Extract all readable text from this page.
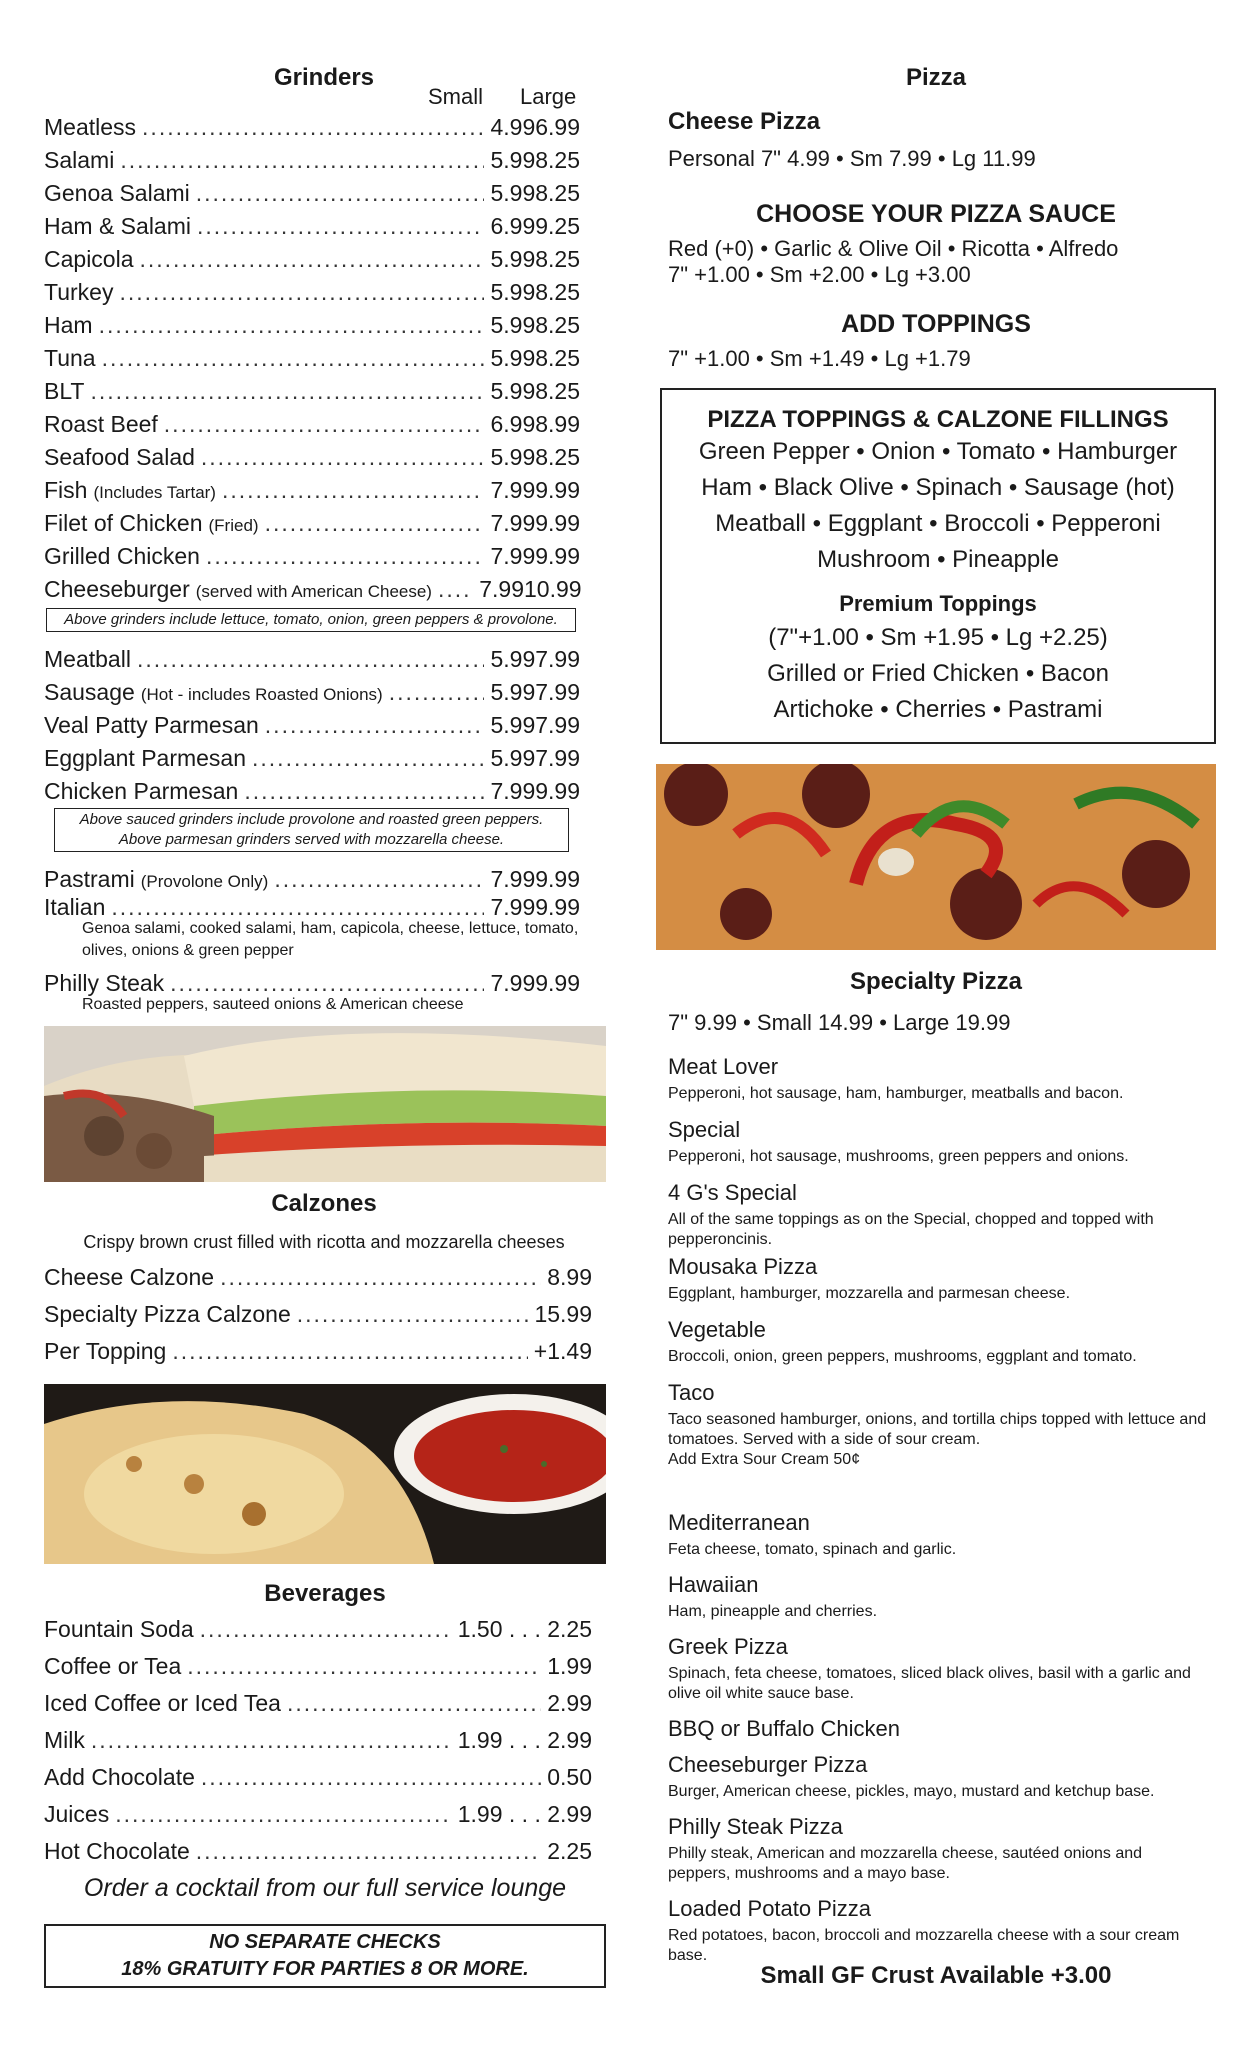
Grinders
Small Large
Meatless .....	4.99 6.99
Salami .....	5.99 8.25
Genoa Salami .....	5.99 8.25
Ham & Salami .....	6.99 9.25
Capicola .....	5.99 8.25
Turkey .....	5.99 8.25
Ham .....	5.99 8.25
Tuna .....	5.99 8.25
BLT .....	5.99 8.25
Roast Beef .....	6.99 8.99
Seafood Salad .....	5.99 8.25
Fish (Includes Tartar) .....	7.99 9.99
Filet of Chicken (Fried) .....	7.99 9.99
Grilled Chicken .....	7.99 9.99
Cheeseburger (served with American Cheese) ..... 7.99 10.99
Above grinders include lettuce, tomato, onion, green peppers & provolone.
Meatball .....	5.99 7.99
Sausage (Hot - includes Roasted Onions) .....	5.99 7.99
Veal Patty Parmesan .....	5.99 7.99
Eggplant Parmesan .....	5.99 7.99
Chicken Parmesan .....	7.99 9.99
Above sauced grinders include provolone and roasted green peppers.
Above parmesan grinders served with mozzarella cheese.
Pastrami (Provolone Only) .....	7.99 9.99
Italian .....	7.99 9.99
Philly Steak .....	7.99 9.99
Genoa salami, cooked salami, ham, capicola, cheese, lettuce, tomato, olives, onions & green pepper
Roasted peppers, sauteed onions & American cheese
Calzones
Crispy brown crust filled with ricotta and mozzarella cheeses
Cheese Calzone .....	8.99
Specialty Pizza Calzone .....	15.99
Per Topping .....	+1.49
Beverages
Fountain Soda .....	1.50 . . . 2.25
Coffee or Tea .....	1.99
Iced Coffee or Iced Tea .....	2.99
Milk .....	1.99 . . . 2.99
Add Chocolate .....	0.50
Juices .....	1.99 . . . 2.99
Hot Chocolate .....	2.25
Order a cocktail from our full service lounge
NO SEPARATE CHECKS
18% GRATUITY FOR PARTIES 8 OR MORE.
Pizza
Cheese Pizza
Personal 7" 4.99 • Sm 7.99 • Lg 11.99
CHOOSE YOUR PIZZA SAUCE
Red (+0) • Garlic & Olive Oil • Ricotta • Alfredo
7" +1.00 • Sm +2.00 • Lg +3.00
ADD TOPPINGS
7" +1.00 • Sm +1.49 • Lg +1.79
PIZZA TOPPINGS & CALZONE FILLINGS
Green Pepper • Onion • Tomato • Hamburger
Ham • Black Olive • Spinach • Sausage (hot)
Meatball • Eggplant • Broccoli • Pepperoni
Mushroom • Pineapple
Premium Toppings
(7"+1.00 • Sm +1.95 • Lg +2.25)
Grilled or Fried Chicken • Bacon
Artichoke • Cherries • Pastrami
Specialty Pizza
7" 9.99 • Small 14.99 • Large 19.99
Meat Lover
Pepperoni, hot sausage, ham, hamburger, meatballs and bacon.
Special
Pepperoni, hot sausage, mushrooms, green peppers and onions.
4 G's Special
All of the same toppings as on the Special, chopped and topped with pepperoncinis.
Mousaka Pizza
Eggplant, hamburger, mozzarella and parmesan cheese.
Vegetable
Broccoli, onion, green peppers, mushrooms, eggplant and tomato.
Taco
Taco seasoned hamburger, onions, and tortilla chips topped with lettuce and tomatoes. Served with a side of sour cream.
Add Extra Sour Cream 50¢
Mediterranean
Feta cheese, tomato, spinach and garlic.
Hawaiian
Ham, pineapple and cherries.
Greek Pizza
Spinach, feta cheese, tomatoes, sliced black olives, basil with a garlic and olive oil white sauce base.
BBQ or Buffalo Chicken
Cheeseburger Pizza
Burger, American cheese, pickles, mayo, mustard and ketchup base.
Philly Steak Pizza
Philly steak, American and mozzarella cheese, sautéed onions and peppers, mushrooms and a mayo base.
Loaded Potato Pizza
Red potatoes, bacon, broccoli and mozzarella cheese with a sour cream base.
Small GF Crust Available +3.00
